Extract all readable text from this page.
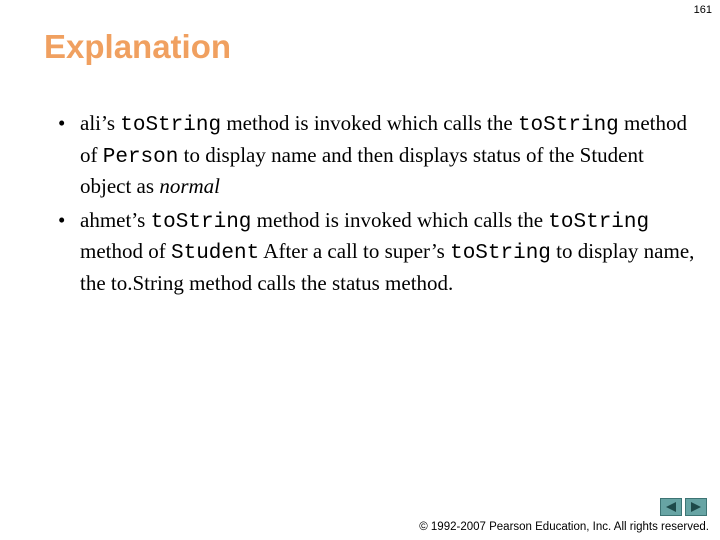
161
Explanation
• ali’s toString method is invoked which calls the toString method of Person to display name and then displays status of the Student object as normal
• ahmet’s toString method is invoked which calls the toString method of Student After a call to super’s toString to display name, the to.String method calls the status method.
© 1992-2007 Pearson Education, Inc. All rights reserved.
